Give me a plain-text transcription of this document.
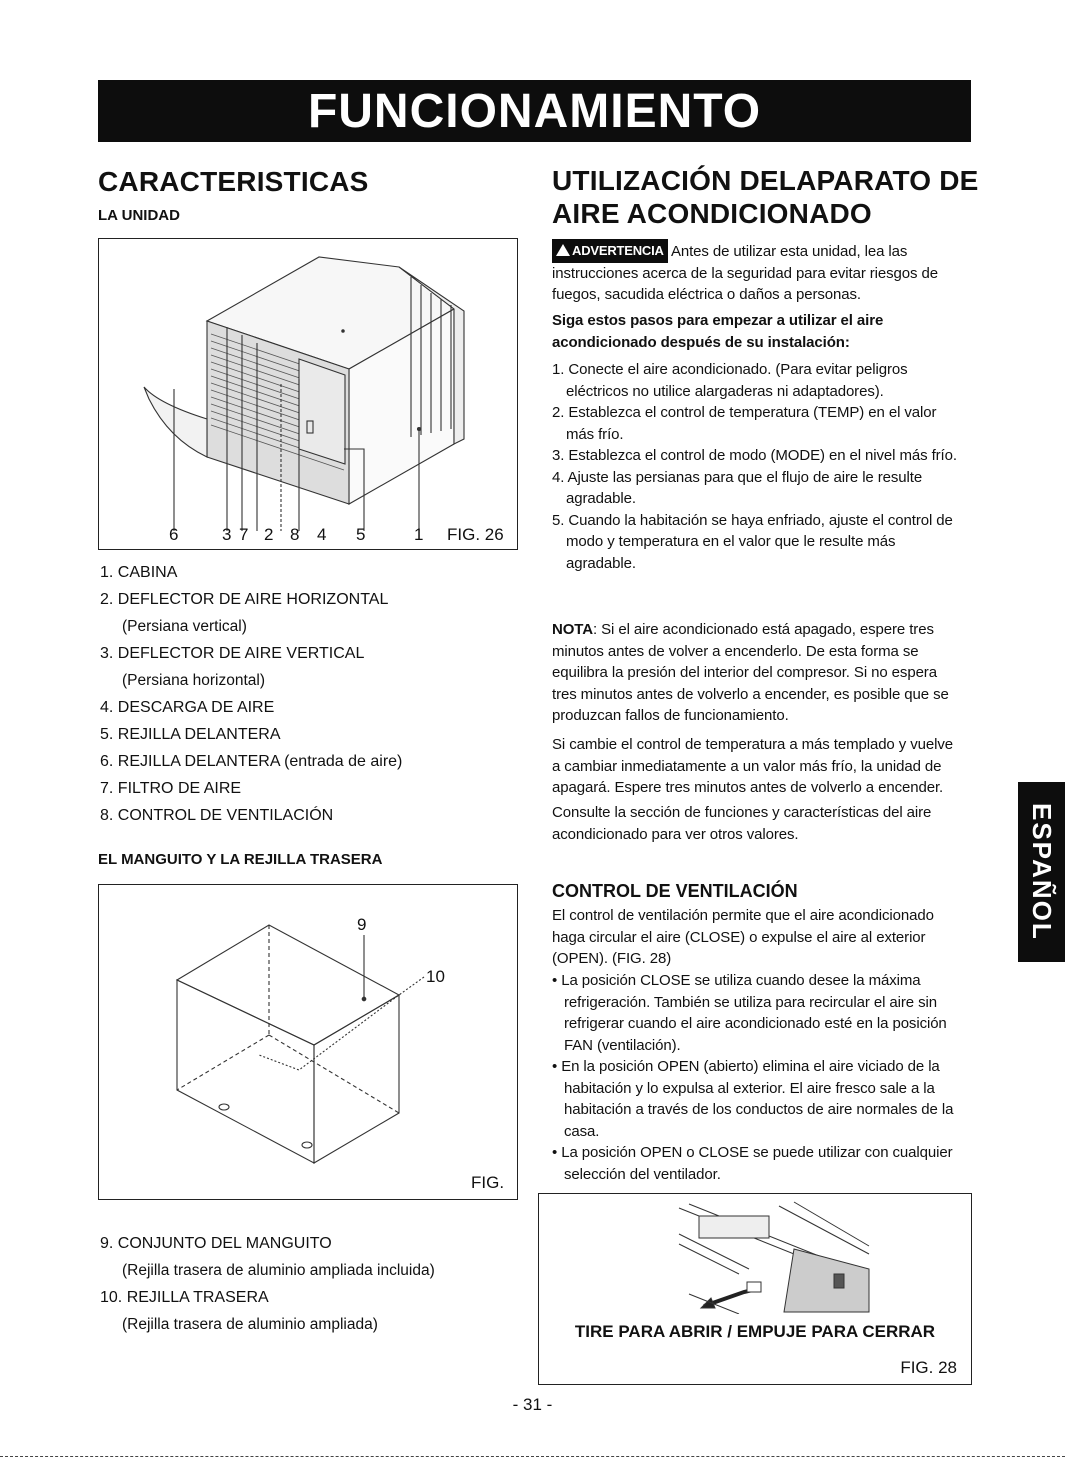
FUNCIONAMIENTO
CARACTERISTICAS
LA UNIDAD
6	3 7 2 8 4 5	1 FIG. 26
1. CABINA
2. DEFLECTOR DE AIRE HORIZONTAL
(Persiana vertical)
3. DEFLECTOR DE AIRE VERTICAL
(Persiana horizontal)
4. DESCARGA DE AIRE
5. REJILLA DELANTERA
6. REJILLA DELANTERA (entrada de aire)
7. FILTRO DE AIRE
8. CONTROL DE VENTILACIÓN
EL MANGUITO Y LA REJILLA TRASERA
9
10
FIG.
9. CONJUNTO DEL MANGUITO
(Rejilla trasera de aluminio ampliada incluida)
10. REJILLA TRASERA
(Rejilla trasera de aluminio ampliada)
UTILIZACIÓN DELAPARATO DE
AIRE ACONDICIONADO
ADVERTENCIA Antes de utilizar esta unidad, lea las instrucciones acerca de la seguridad para evitar riesgos de fuegos, sacudida eléctrica o daños a personas.
Siga estos pasos para empezar a utilizar el aire acondicionado después de su instalación:
1. Conecte el aire acondicionado. (Para evitar peligros eléctricos no utilice alargaderas ni adaptadores).
2. Establezca el control de temperatura (TEMP) en el valor más frío.
3. Establezca el control de modo (MODE) en el nivel más frío.
4. Ajuste las persianas para que el flujo de aire le resulte agradable.
5. Cuando la habitación se haya enfriado, ajuste el control de modo y temperatura en el valor que le resulte más agradable.
NOTA: Si el aire acondicionado está apagado, espere tres minutos antes de volver a encenderlo. De esta forma se equilibra la presión del interior del compresor. Si no espera tres minutos antes de volverlo a encender, es posible que se produzcan fallos de funcionamiento.
Si cambie el control de temperatura a más templado y vuelve a cambiar inmediatamente a un valor más frío, la unidad de apagará. Espere tres minutos antes de volverlo a encender.
Consulte la sección de funciones y características del aire acondicionado para ver otros valores.
CONTROL DE VENTILACIÓN
El control de ventilación permite que el aire acondicionado haga circular el aire (CLOSE) o expulse el aire al exterior (OPEN). (FIG. 28)
• La posición CLOSE se utiliza cuando desee la máxima refrigeración. También se utiliza para recircular el aire sin refrigerar cuando el aire acondicionado esté en la posición FAN (ventilación).
• En la posición OPEN (abierto) elimina el aire viciado de la habitación y lo expulsa al exterior. El aire fresco sale a la habitación a través de los conductos de aire normales de la casa.
• La posición OPEN o CLOSE se puede utilizar con cualquier selección del ventilador.
TIRE PARA ABRIR / EMPUJE PARA CERRAR
FIG. 28
ESPAÑOL
- 31 -
